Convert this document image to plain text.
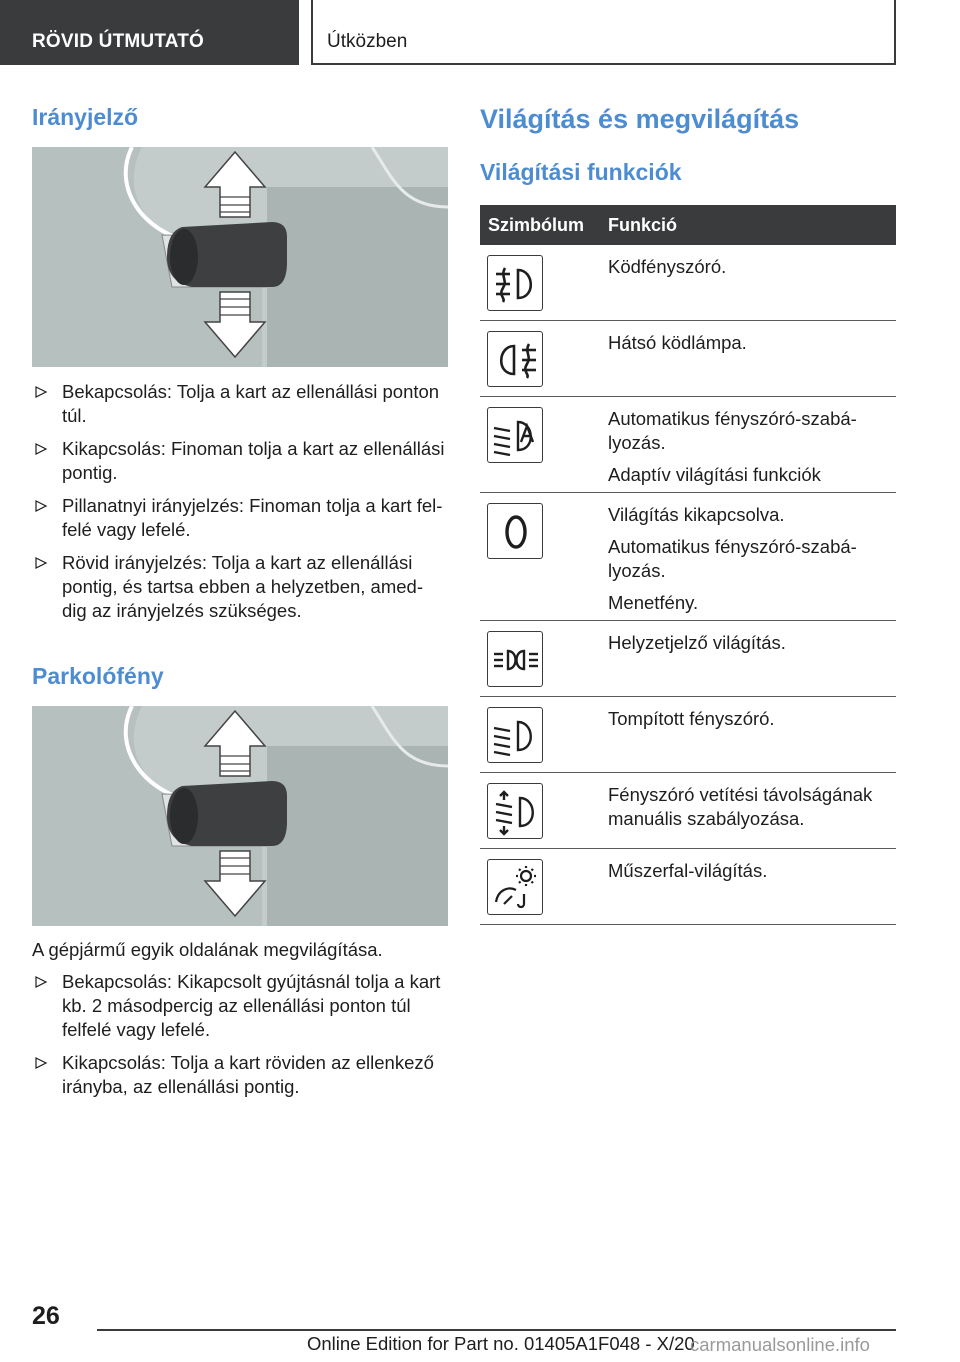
RÖVID ÚTMUTATÓ	Útközben
Irányjelző
Bekapcsolás: Tolja a kart az ellenállási ponton
túl.
Kikapcsolás: Finoman tolja a kart az ellenállási
pontig.
Pillanatnyi irányjelzés: Finoman tolja a kart fel-
felé vagy lefelé.
Rövid irányjelzés: Tolja a kart az ellenállási
pontig, és tartsa ebben a helyzetben, amed-
dig az irányjelzés szükséges.
Parkolófény

A gépjármű egyik oldalának megvilágítása.

Bekapcsolás: Kikapcsolt gyújtásnál tolja a kart
kb. 2 másodpercig az ellenállási ponton túl
felfelé vagy lefelé.
Kikapcsolás: Tolja a kart röviden az ellenkező
irányba, az ellenállási pontig.
Világítás és megvilágítás
Világítási funkciók
Szimbólum Funkció

Ködfényszóró.

Hátsó ködlámpa.

Automatikus fényszóró-szabá-
lyozás.

Adaptív világítási funkciók

Világítás kikapcsolva.

Automatikus fényszóró-szabá- lyozás.

Menetfény.

Helyzetjelző világítás.

Tompított fényszóró.

Fényszóró vetítési távolságának
manuális szabályozása.

Műszerfal-világítás.

26
Online Edition for Part no. 01405A1F048 - X/20
carmanualsonline.info
